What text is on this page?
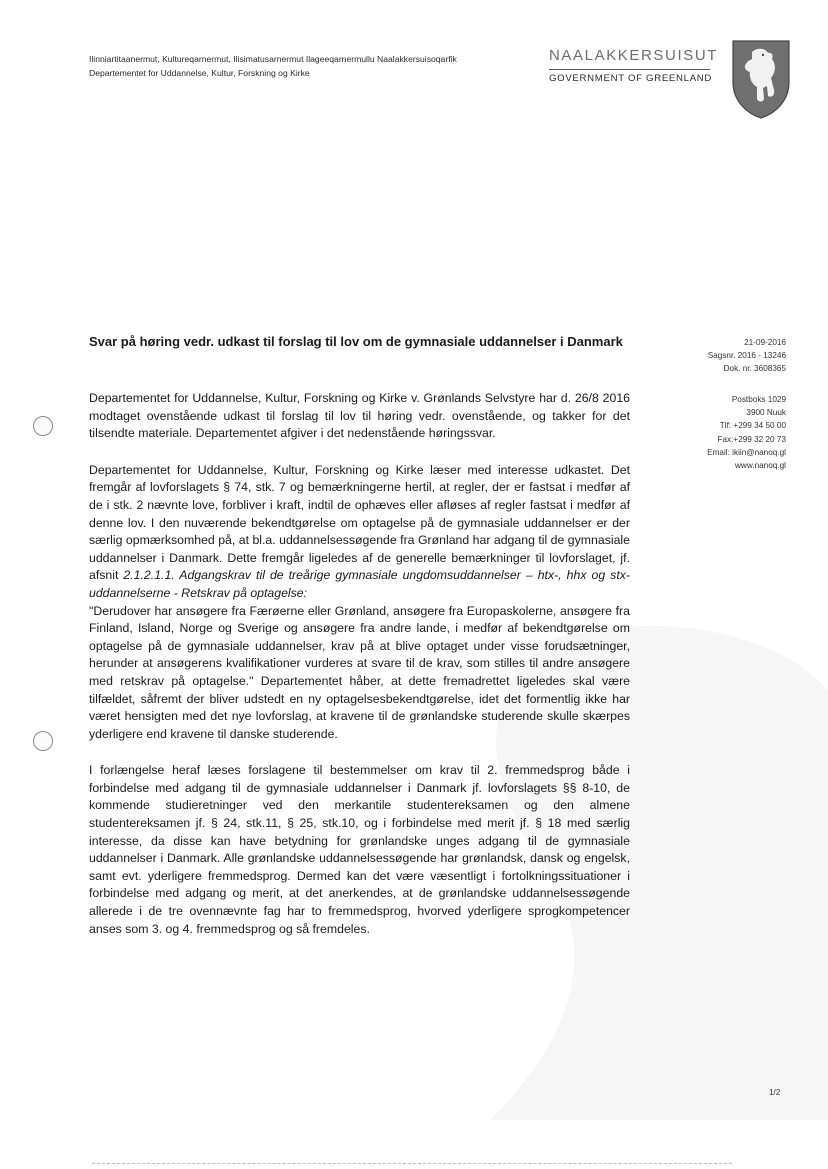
Ilinniartitaanermut, Kultureqarnermut, Ilisimatusarnermut Ilageeqarnermullu Naalakkersuisoqarfik
Departementet for Uddannelse, Kultur, Forskning og Kirke
NAALAKKERSUISUT
GOVERNMENT OF GREENLAND
Svar på høring vedr. udkast til forslag til lov om de gymnasiale uddannelser i Danmark	21-09-2016
Sagsnr. 2016 - 13246
Dok. nr. 3608365
Postboks 1029
3900 Nuuk
Tlf: +299 34 50 00
Fax:+299 32 20 73
Email: ikiin@nanoq.gl
www.nanoq.gl

Departementet for Uddannelse, Kultur, Forskning og Kirke v. Grønlands Selvstyre har d. 26/8 2016 modtaget ovenstående udkast til forslag til lov til høring vedr. ovenstående, og takker for det tilsendte materiale. Departementet afgiver i det nedenstående høringssvar.

Departementet for Uddannelse, Kultur, Forskning og Kirke læser med interesse udkastet. Det fremgår af lovforslagets § 74, stk. 7 og bemærkningerne hertil, at regler, der er fastsat i medfør af de i stk. 2 nævnte love, forbliver i kraft, indtil de ophæves eller afløses af regler fastsat i medfør af denne lov. I den nuværende bekendtgørelse om optagelse på de gymnasiale uddannelser er der særlig opmærksomhed på, at bl.a. uddannelsessøgende fra Grønland har adgang til de gymnasiale uddannelser i Danmark. Dette fremgår ligeledes af de generelle bemærkninger til lovforslaget, jf. afsnit 2.1.2.1.1. Adgangskrav til de treårige gymnasiale ungdomsuddannelser – htx-, hhx og stx-uddannelserne - Retskrav på optagelse:
"Derudover har ansøgere fra Færøerne eller Grønland, ansøgere fra Europaskolerne, ansøgere fra Finland, Island, Norge og Sverige og ansøgere fra andre lande, i medfør af bekendtgørelse om optagelse på de gymnasiale uddannelser, krav på at blive optaget under visse forudsætninger, herunder at ansøgerens kvalifikationer vurderes at svare til de krav, som stilles til andre ansøgere med retskrav på optagelse." Departementet håber, at dette fremadrettet ligeledes skal være tilfældet, såfremt der bliver udstedt en ny optagelsesbekendtgørelse, idet det formentlig ikke har været hensigten med det nye lovforslag, at kravene til de grønlandske studerende skulle skærpes yderligere end kravene til danske studerende.

I forlængelse heraf læses forslagene til bestemmelser om krav til 2. fremmedsprog både i forbindelse med adgang til de gymnasiale uddannelser i Danmark jf. lovforslagets §§ 8-10, de kommende studieretninger ved den merkantile studentereksamen og den almene studentereksamen jf. § 24, stk.11, § 25, stk.10, og i forbindelse med merit jf. § 18 med særlig interesse, da disse kan have betydning for grønlandske unges adgang til de gymnasiale uddannelser i Danmark. Alle grønlandske uddannelsessøgende har grønlandsk, dansk og engelsk, samt evt. yderligere fremmedsprog. Dermed kan det være væsentligt i fortolkningssituationer i forbindelse med adgang og merit, at det anerkendes, at de grønlandske uddannelsessøgende allerede i de tre ovennævnte fag har to fremmedsprog, hvorved yderligere sprogkompetencer anses som 3. og 4. fremmedsprog og så fremdeles.

1/2
